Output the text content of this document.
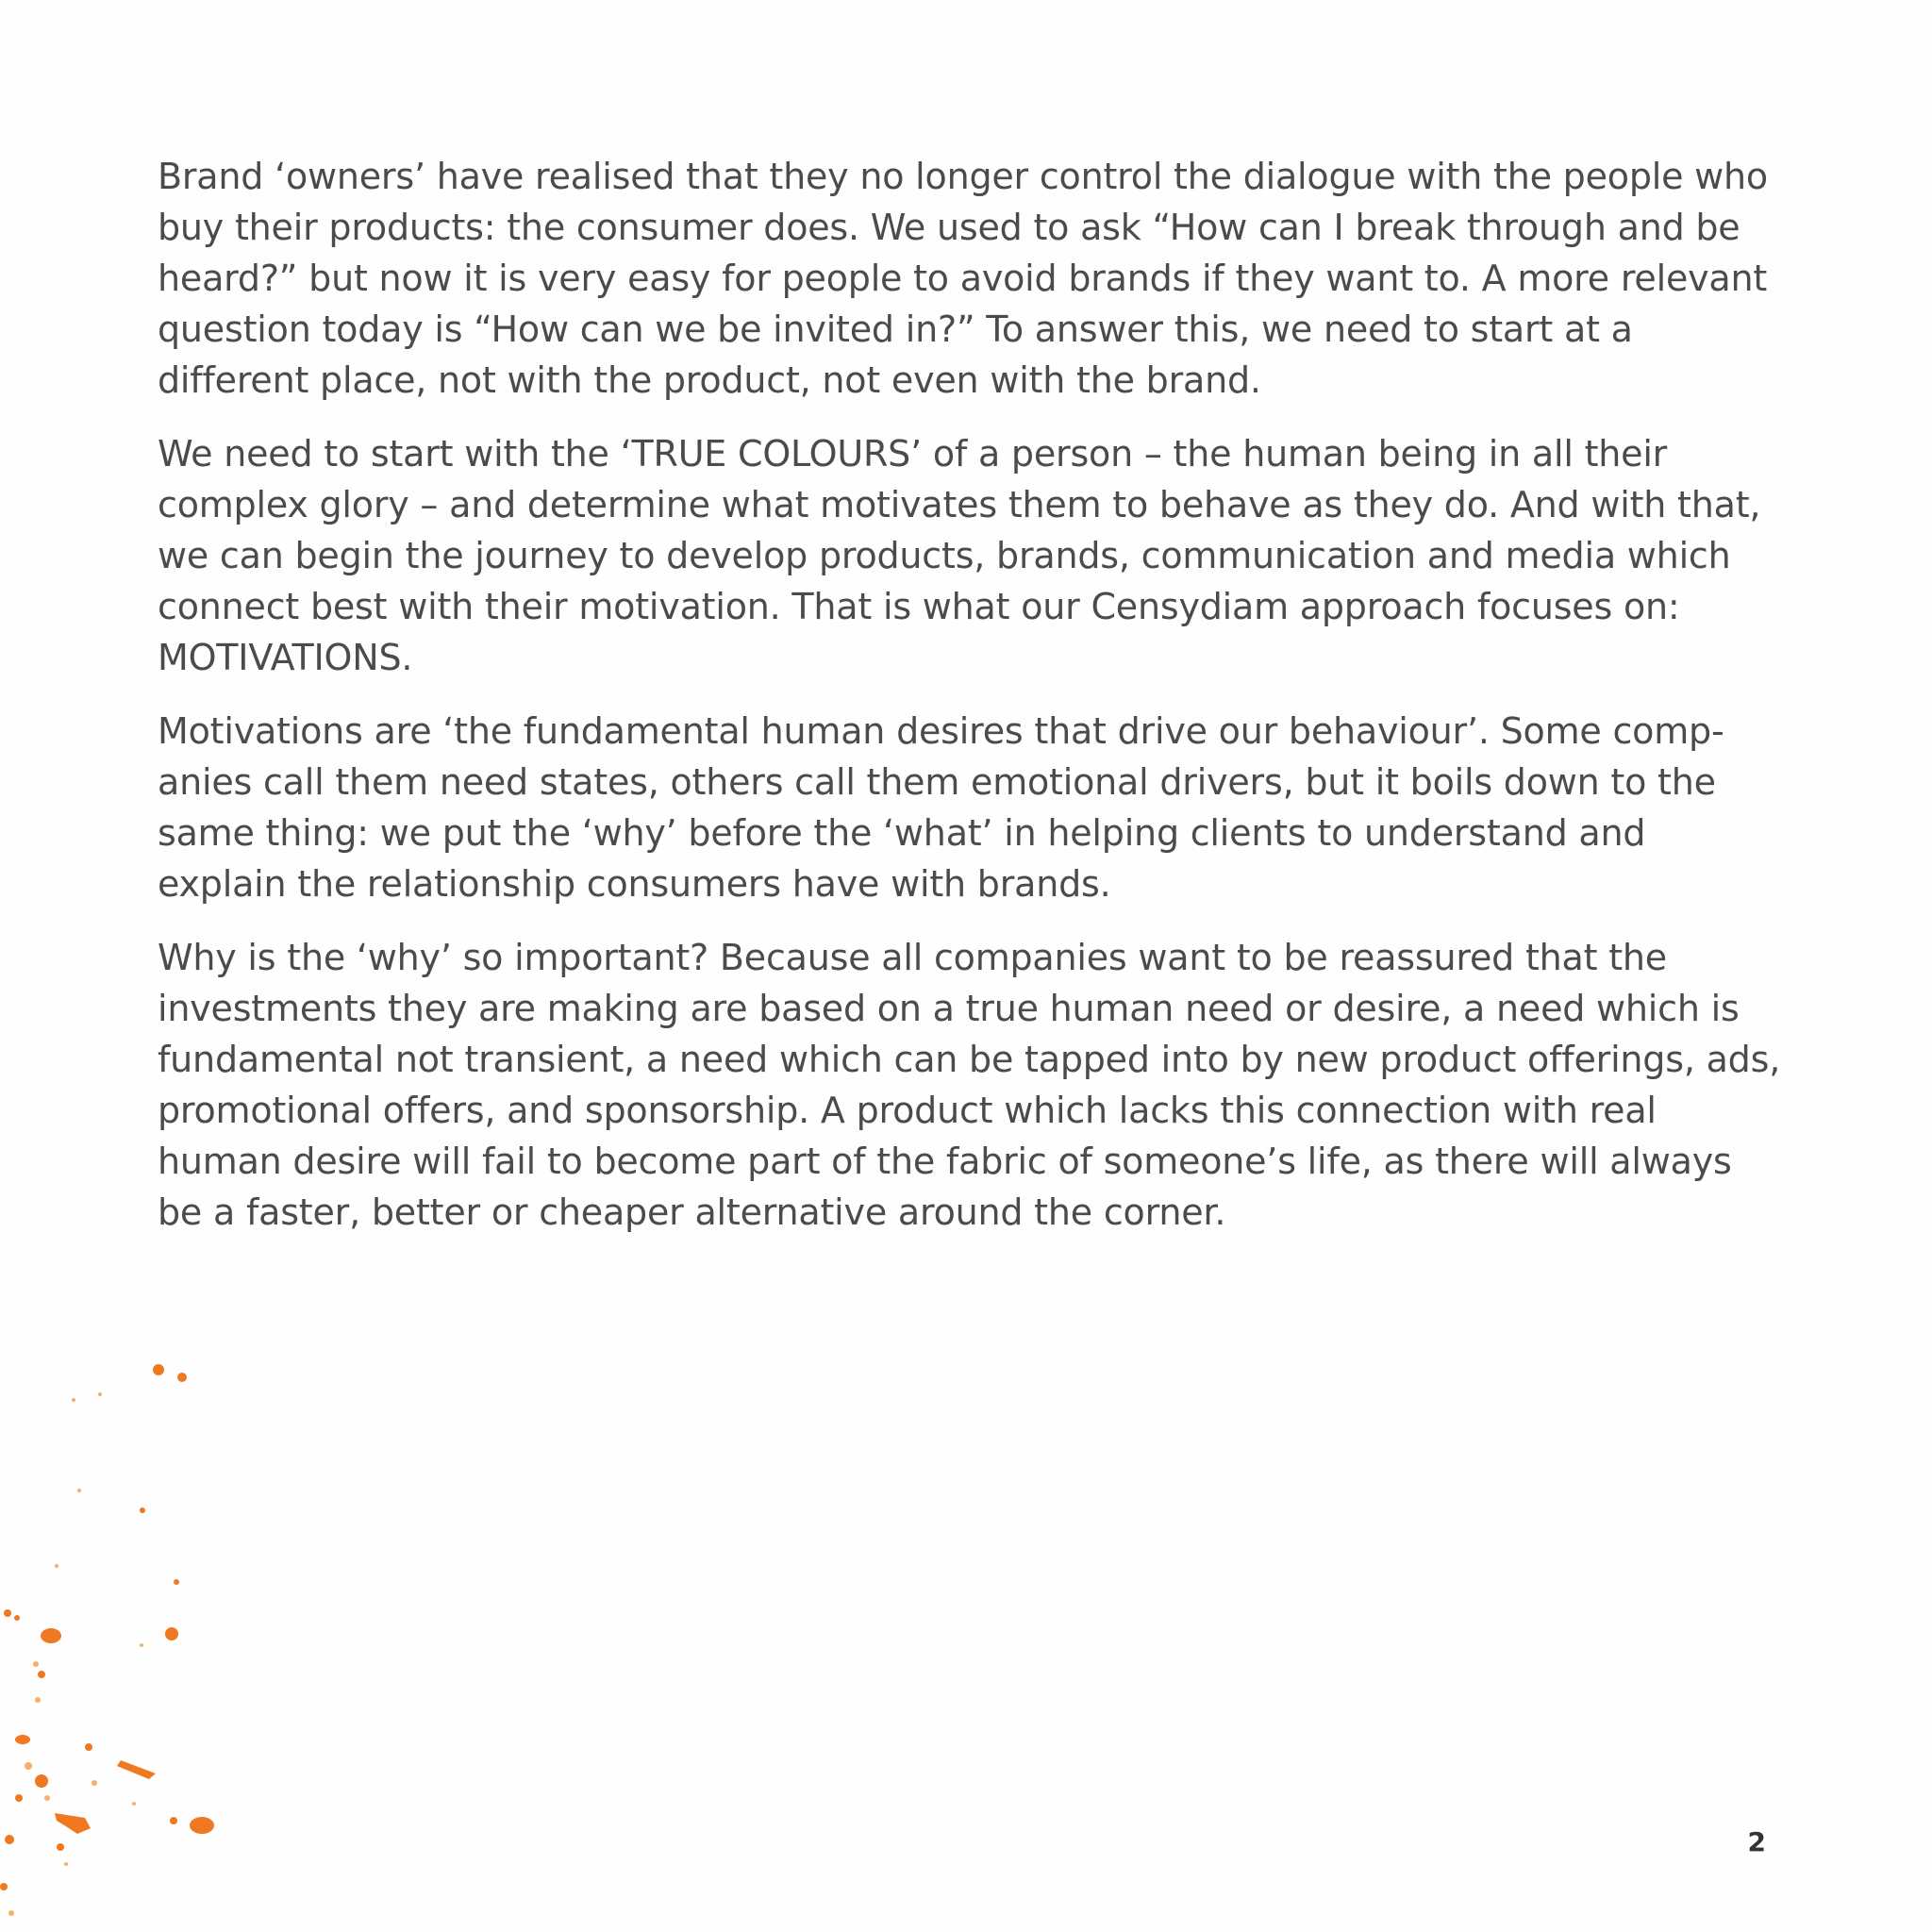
Brand ‘owners’ have realised that they no longer control the dialogue with the people who buy their products: the consumer does. We used to ask “How can I break through and be heard?” but now it is very easy for people to avoid brands if they want to. A more relevant question today is “How can we be invited in?” To answer this, we need to start at a different place, not with the product, not even with the brand.

We need to start with the ‘TRUE COLOURS’ of a person – the human being in all their complex glory – and determine what motivates them to behave as they do. And with that, we can begin the journey to develop products, brands, communication and media which connect best with their motivation. That is what our Censydiam approach focuses on: MOTIVATIONS.

Motivations are ‘the fundamental human desires that drive our behaviour’. Some comp-anies call them need states, others call them emotional drivers, but it boils down to the same thing: we put the ‘why’ before the ‘what’ in helping clients to understand and explain the relationship consumers have with brands.

Why is the ‘why’ so important? Because all companies want to be reassured that the investments they are making are based on a true human need or desire, a need which is fundamental not transient, a need which can be tapped into by new product offerings, ads, promotional offers, and sponsorship. A product which lacks this connection with real human desire will fail to become part of the fabric of someone’s life, as there will always be a faster, better or cheaper alternative around the corner.

2
